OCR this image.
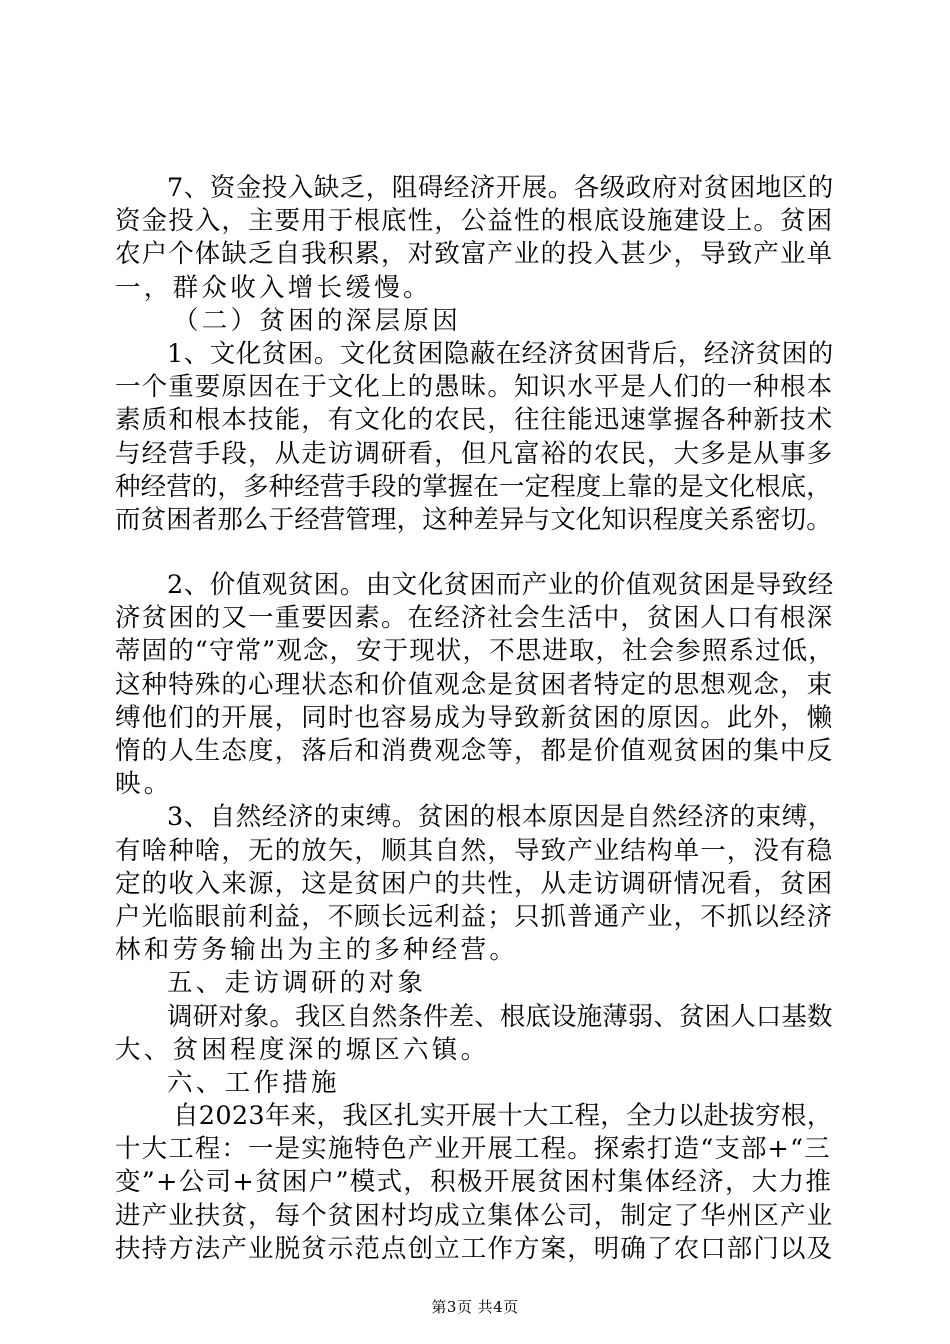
7、资金投入缺乏，阻碍经济开展。各级政府对贫困地区的
资金投入，主要用于根底性，公益性的根底设施建设上。贫困
农户个体缺乏自我积累，对致富产业的投入甚少，导致产业单
一，群众收入增长缓慢。
（二）贫困的深层原因
1、文化贫困。文化贫困隐蔽在经济贫困背后，经济贫困的
一个重要原因在于文化上的愚昧。知识水平是人们的一种根本
素质和根本技能，有文化的农民，往往能迅速掌握各种新技术
与经营手段，从走访调研看，但凡富裕的农民，大多是从事多
种经营的，多种经营手段的掌握在一定程度上靠的是文化根底，
而贫困者那么于经营管理，这种差异与文化知识程度关系密切。
2、价值观贫困。由文化贫困而产业的价值观贫困是导致经
济贫困的又一重要因素。在经济社会生活中，贫困人口有根深
蒂固的“守常”观念，安于现状，不思进取，社会参照系过低，
这种特殊的心理状态和价值观念是贫困者特定的思想观念，束
缚他们的开展，同时也容易成为导致新贫困的原因。此外，懒
惰的人生态度，落后和消费观念等，都是价值观贫困的集中反
映。
3、自然经济的束缚。贫困的根本原因是自然经济的束缚，
有啥种啥，无的放矢，顺其自然，导致产业结构单一，没有稳
定的收入来源，这是贫困户的共性，从走访调研情况看，贫困
户光临眼前利益，不顾长远利益；只抓普通产业，不抓以经济
林和劳务输出为主的多种经营。
五、走访调研的对象
调研对象。我区自然条件差、根底设施薄弱、贫困人口基数
大、贫困程度深的塬区六镇。
六、工作措施
自2023年来，我区扎实开展十大工程，全力以赴拔穷根，
十大工程：一是实施特色产业开展工程。探索打造“支部+“三
变”+公司+贫困户”模式，积极开展贫困村集体经济，大力推
进产业扶贫，每个贫困村均成立集体公司，制定了华州区产业
扶持方法产业脱贫示范点创立工作方案，明确了农口部门以及
第3页 共4页
